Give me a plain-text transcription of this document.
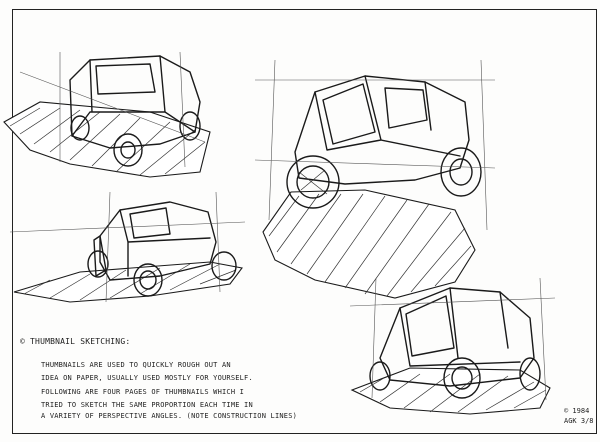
© THUMBNAIL SKETCHING:
THUMBNAILS ARE USED TO QUICKLY ROUGH OUT AN
IDEA ON PAPER, USUALLY USED MOSTLY FOR YOURSELF.
FOLLOWING ARE FOUR PAGES OF THUMBNAILS WHICH I
TRIED TO SKETCH THE SAME PROPORTION EACH TIME IN
A VARIETY OF PERSPECTIVE ANGLES. (NOTE CONSTRUCTION LINES)
© 1984
AGK 3/8
